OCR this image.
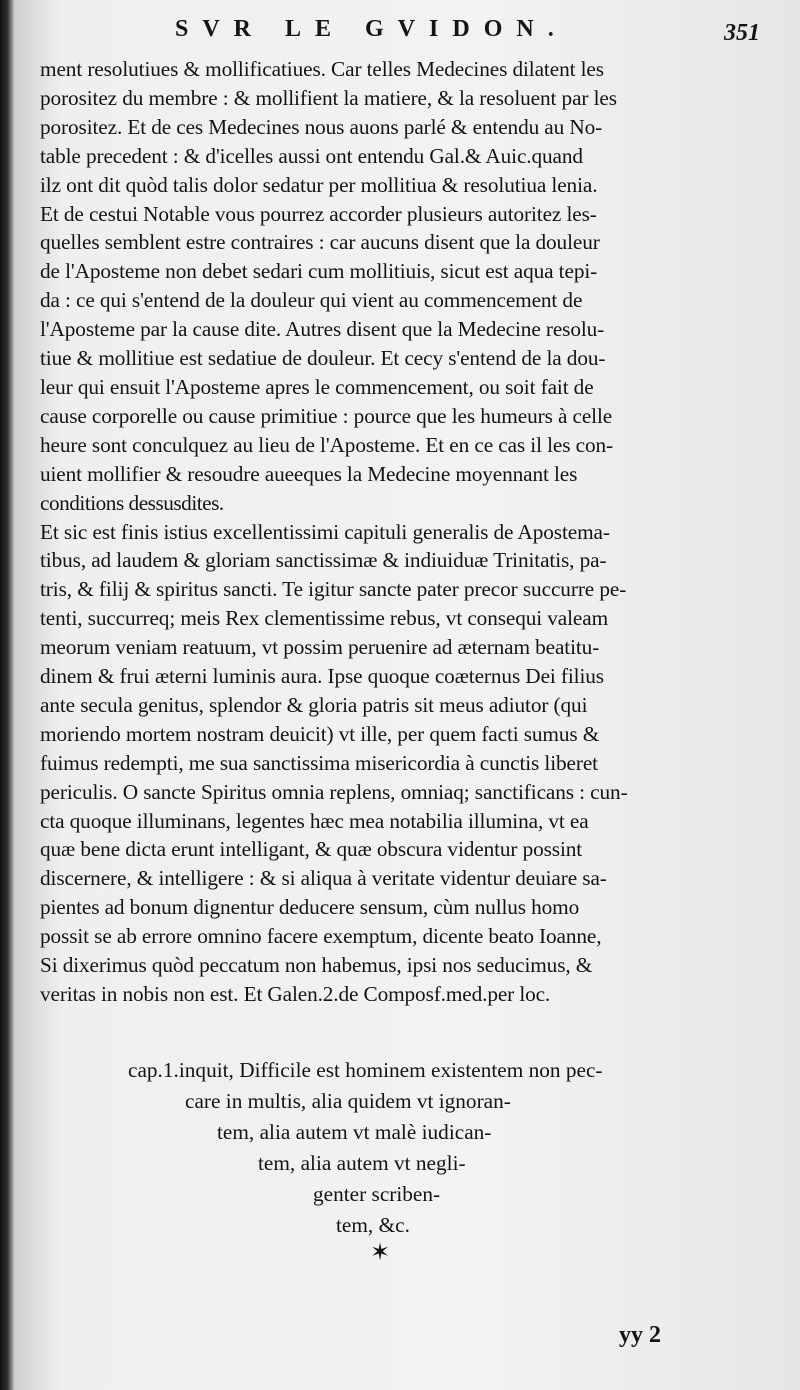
SVR LE GVIDON.	351
ment resolutiues & mollificatiues. Car telles Medecines dilatent les
porositez du membre : & mollifient la matiere, & la resoluent par les
porositez. Et de ces Medecines nous auons parlé & entendu au No-
table precedent : & d'icelles aussi ont entendu Gal.& Auic.quand
ilz ont dit quòd talis dolor sedatur per mollitiua & resolutiua lenia.
Et de cestui Notable vous pourrez accorder plusieurs autoritez les-
quelles semblent estre contraires : car aucuns disent que la douleur
de l'Aposteme non debet sedari cum mollitiuis, sicut est aqua tepi-
da : ce qui s'entend de la douleur qui vient au commencement de
l'Aposteme par la cause dite. Autres disent que la Medecine resolu-
tiue & mollitiue est sedatiue de douleur. Et cecy s'entend de la dou-
leur qui ensuit l'Aposteme apres le commencement, ou soit fait de
cause corporelle ou cause primitiue : pource que les humeurs à celle
heure sont conculquez au lieu de l'Aposteme. Et en ce cas il les con-
uient mollifier & resoudre aueeques la Medecine moyennant les
conditions dessusdites.
Et sic est finis istius excellentissimi capituli generalis de Apostema-
tibus, ad laudem & gloriam sanctissimæ & indiuiduæ Trinitatis, pa-
tris, & filij & spiritus sancti. Te igitur sancte pater precor succurre pe-
tenti, succurreq; meis Rex clementissime rebus, vt consequi valeam
meorum veniam reatuum, vt possim peruenire ad æternam beatitu-
dinem & frui æterni luminis aura. Ipse quoque coæternus Dei filius
ante secula genitus, splendor & gloria patris sit meus adiutor (qui
moriendo mortem nostram deuicit) vt ille, per quem facti sumus &
fuimus redempti, me sua sanctissima misericordia à cunctis liberet
periculis. O sancte Spiritus omnia replens, omniaq; sanctificans : cun-
cta quoque illuminans, legentes hæc mea notabilia illumina, vt ea
quæ bene dicta erunt intelligant, & quæ obscura videntur possint
discernere, & intelligere : & si aliqua à veritate videntur deuiare sa-
pientes ad bonum dignentur deducere sensum, cùm nullus homo
possit se ab errore omnino facere exemptum, dicente beato Ioanne,
Si dixerimus quòd peccatum non habemus, ipsi nos seducimus, &
veritas in nobis non est. Et Galen.2.de Composf.med.per loc.
cap.1.inquit, Difficile est hominem existentem non pec-
care in multis, alia quidem vt ignoran-
tem, alia autem vt malè iudican-
tem, alia autem vt negli-
genter scriben-
tem, &c.
✶
yy 2
